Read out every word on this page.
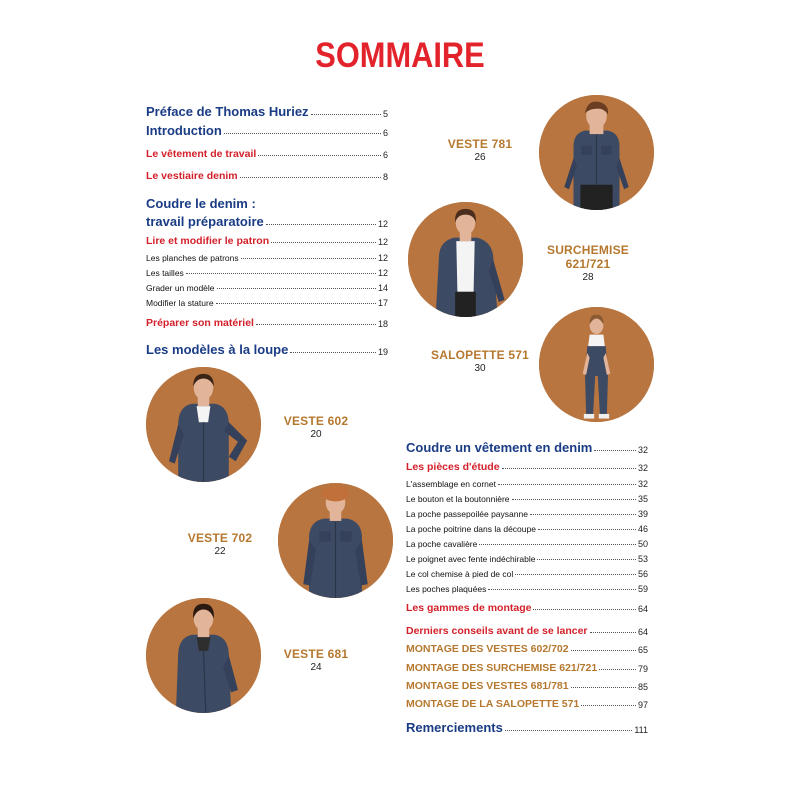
SOMMAIRE
Préface de Thomas Huriez	5
Introduction	6
Le vêtement de travail	6
Le vestiaire denim	8
Coudre le denim :
travail préparatoire	12
Lire et modifier le patron	12
Les planches de patrons	12
Les tailles	12
Grader un modèle	14
Modifier la stature	17
Préparer son matériel	18
Les modèles à la loupe	19
Coudre un vêtement en denim	32
Les pièces d'étude	32
L'assemblage en cornet	32
Le bouton et la boutonnière	35
La poche passepoilée paysanne	39
La poche poitrine dans la découpe	46
La poche cavalière	50
Le poignet avec fente indéchirable	53
Le col chemise à pied de col	56
Les poches plaquées	59
Les gammes de montage	64
Derniers conseils avant de se lancer	64
MONTAGE DES VESTES 602/702	65
MONTAGE DES SURCHEMISE 621/721	79
MONTAGE DES VESTES 681/781	85
MONTAGE DE LA SALOPETTE 571	97
Remerciements	111
VESTE 781
26
SURCHEMISE 621/721
28
SALOPETTE 571
30
VESTE 602
20
VESTE 702
22
VESTE 681
24
